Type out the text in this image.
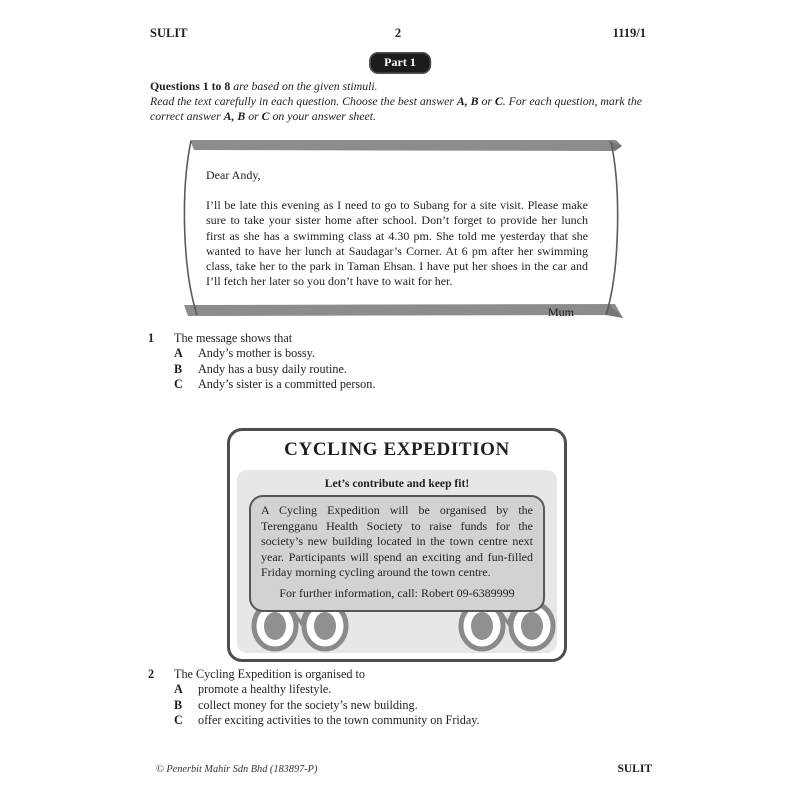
SULIT	2	1119/1
Part 1
Questions 1 to 8 are based on the given stimuli.
Read the text carefully in each question. Choose the best answer A, B or C. For each question, mark the correct answer A, B or C on your answer sheet.
Dear Andy,
I’ll be late this evening as I need to go to Subang for a site visit. Please make sure to take your sister home after school. Don’t forget to provide her lunch first as she has a swimming class at 4.30 pm. She told me yesterday that she wanted to have her lunch at Saudagar’s Corner. At 6 pm after her swimming class, take her to the park in Taman Ehsan. I have put her shoes in the car and I’ll fetch her later so you don’t have to wait for her.
Mum
1	The message shows that
A	Andy’s mother is bossy.
B	Andy has a busy daily routine.
C	Andy’s sister is a committed person.
CYCLING EXPEDITION
Let’s contribute and keep fit!
A Cycling Expedition will be organised by the Terengganu Health Society to raise funds for the society’s new building located in the town centre next year. Participants will spend an exciting and fun-filled Friday morning cycling around the town centre.
For further information, call: Robert 09-6389999
2	The Cycling Expedition is organised to
A	promote a healthy lifestyle.
B	collect money for the society’s new building.
C	offer exciting activities to the town community on Friday.
© Penerbit Mahir Sdn Bhd (183897-P)	SULIT
